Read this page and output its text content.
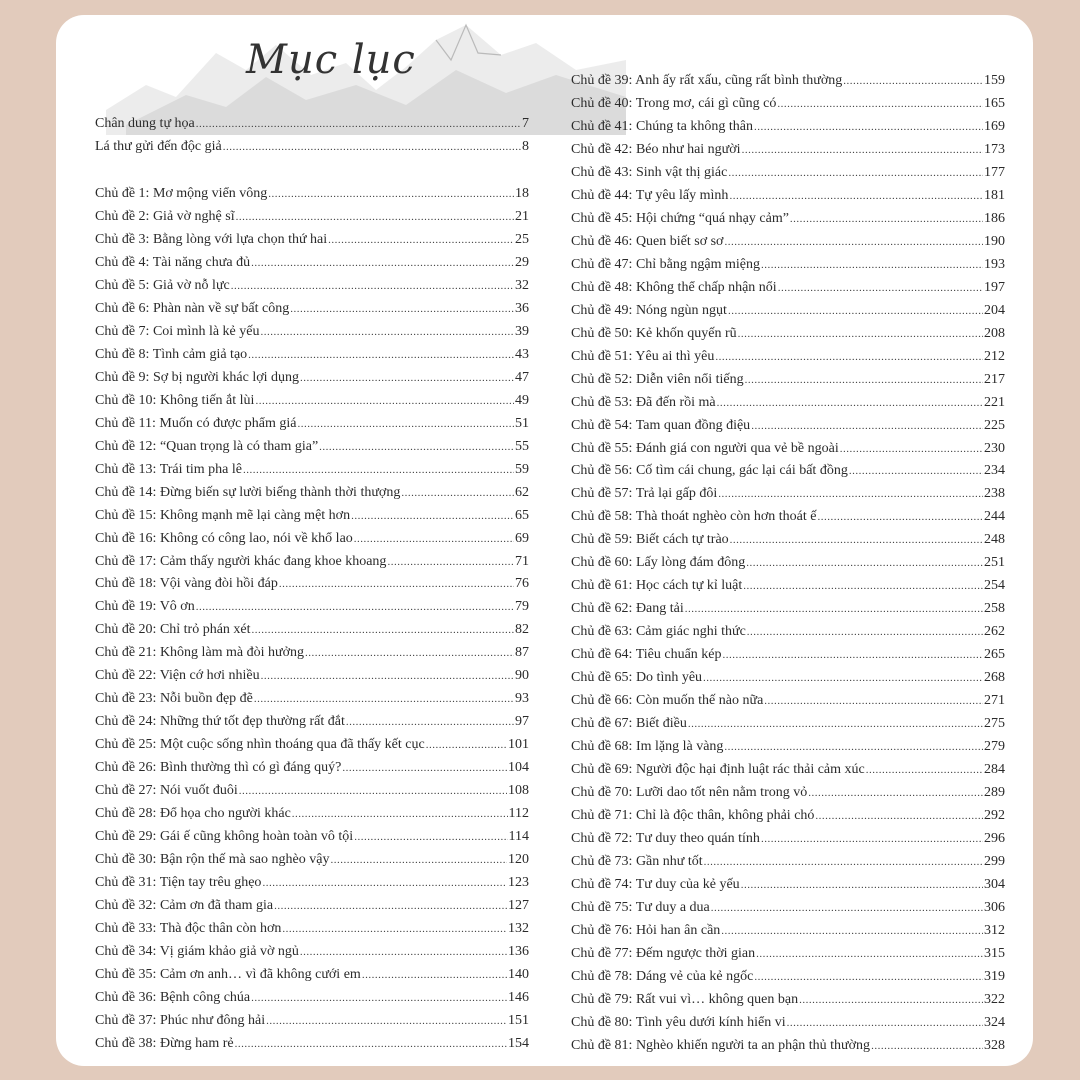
Mục lục
Chân dung tự họa .....	7
Lá thư gửi đến độc giả .....	8
Chủ đề 1: Mơ mộng viển vông .....	18
Chủ đề 2: Giả vờ nghệ sĩ .....	21
Chủ đề 3: Bằng lòng với lựa chọn thứ hai .....	25
Chủ đề 4: Tài năng chưa đủ .....	29
Chủ đề 5: Giả vờ nỗ lực .....	32
Chủ đề 6: Phàn nàn về sự bất công .....	36
Chủ đề 7: Coi mình là kẻ yếu .....	39
Chủ đề 8: Tình cảm giả tạo .....	43
Chủ đề 9: Sợ bị người khác lợi dụng .....	47
Chủ đề 10: Không tiến ắt lùi .....	49
Chủ đề 11: Muốn có được phẩm giá .....	51
Chủ đề 12: “Quan trọng là có tham gia” .....	55
Chủ đề 13: Trái tim pha lê .....	59
Chủ đề 14: Đừng biến sự lười biếng thành thời thượng .....	62
Chủ đề 15: Không mạnh mẽ lại càng mệt hơn .....	65
Chủ đề 16: Không có công lao, nói về khổ lao .....	69
Chủ đề 17: Cảm thấy người khác đang khoe khoang .....	71
Chủ đề 18: Vội vàng đòi hồi đáp .....	76
Chủ đề 19: Vô ơn .....	79
Chủ đề 20: Chỉ trỏ phán xét .....	82
Chủ đề 21: Không làm mà đòi hưởng .....	87
Chủ đề 22: Viện cớ hơi nhiều .....	90
Chủ đề 23: Nỗi buồn đẹp đẽ .....	93
Chủ đề 24: Những thứ tốt đẹp thường rất đắt .....	97
Chủ đề 25: Một cuộc sống nhìn thoáng qua đã thấy kết cục .....	101
Chủ đề 26: Bình thường thì có gì đáng quý? .....	104
Chủ đề 27: Nói vuốt đuôi .....	108
Chủ đề 28: Đổ họa cho người khác .....	112
Chủ đề 29: Gái ế cũng không hoàn toàn vô tội .....	114
Chủ đề 30: Bận rộn thế mà sao nghèo vậy .....	120
Chủ đề 31: Tiện tay trêu ghẹo .....	123
Chủ đề 32: Cảm ơn đã tham gia .....	127
Chủ đề 33: Thà độc thân còn hơn .....	132
Chủ đề 34: Vị giám khảo giả vờ ngủ .....	136
Chủ đề 35: Cảm ơn anh… vì đã không cưới em .....	140
Chủ đề 36: Bệnh công chúa .....	146
Chủ đề 37: Phúc như đông hải .....	151
Chủ đề 38: Đừng ham rẻ .....	154
Chủ đề 39: Anh ấy rất xấu, cũng rất bình thường .....	159
Chủ đề 40: Trong mơ, cái gì cũng có .....	165
Chủ đề 41: Chúng ta không thân .....	169
Chủ đề 42: Béo như hai người .....	173
Chủ đề 43: Sinh vật thị giác .....	177
Chủ đề 44: Tự yêu lấy mình .....	181
Chủ đề 45: Hội chứng “quá nhạy cảm” .....	186
Chủ đề 46: Quen biết sơ sơ .....	190
Chủ đề 47: Chỉ bằng ngậm miệng .....	193
Chủ đề 48: Không thể chấp nhận nổi .....	197
Chủ đề 49: Nóng ngùn ngụt .....	204
Chủ đề 50: Kẻ khốn quyến rũ .....	208
Chủ đề 51: Yêu ai thì yêu .....	212
Chủ đề 52: Diễn viên nổi tiếng .....	217
Chủ đề 53: Đã đến rồi mà .....	221
Chủ đề 54: Tam quan đồng điệu .....	225
Chủ đề 55: Đánh giá con người qua vẻ bề ngoài .....	230
Chủ đề 56: Cố tìm cái chung, gác lại cái bất đồng .....	234
Chủ đề 57: Trả lại gấp đôi .....	238
Chủ đề 58: Thà thoát nghèo còn hơn thoát ế .....	244
Chủ đề 59: Biết cách tự trào .....	248
Chủ đề 60: Lấy lòng đám đông .....	251
Chủ đề 61: Học cách tự kỉ luật .....	254
Chủ đề 62: Đang tải .....	258
Chủ đề 63: Cảm giác nghi thức .....	262
Chủ đề 64: Tiêu chuẩn kép .....	265
Chủ đề 65: Do tình yêu .....	268
Chủ đề 66: Còn muốn thế nào nữa .....	271
Chủ đề 67: Biết điều .....	275
Chủ đề 68: Im lặng là vàng .....	279
Chủ đề 69: Người độc hại định luật rác thải cảm xúc .....	284
Chủ đề 70: Lưỡi dao tốt nên nằm trong vỏ .....	289
Chủ đề 71: Chỉ là độc thân, không phải chó .....	292
Chủ đề 72: Tư duy theo quán tính .....	296
Chủ đề 73: Gần như tốt .....	299
Chủ đề 74: Tư duy của kẻ yếu .....	304
Chủ đề 75: Tư duy a dua .....	306
Chủ đề 76: Hỏi han ân cần .....	312
Chủ đề 77: Đếm ngược thời gian .....	315
Chủ đề 78: Dáng vẻ của kẻ ngốc .....	319
Chủ đề 79: Rất vui vì… không quen bạn .....	322
Chủ đề 80: Tình yêu dưới kính hiển vi .....	324
Chủ đề 81: Nghèo khiến người ta an phận thủ thường .....	328
